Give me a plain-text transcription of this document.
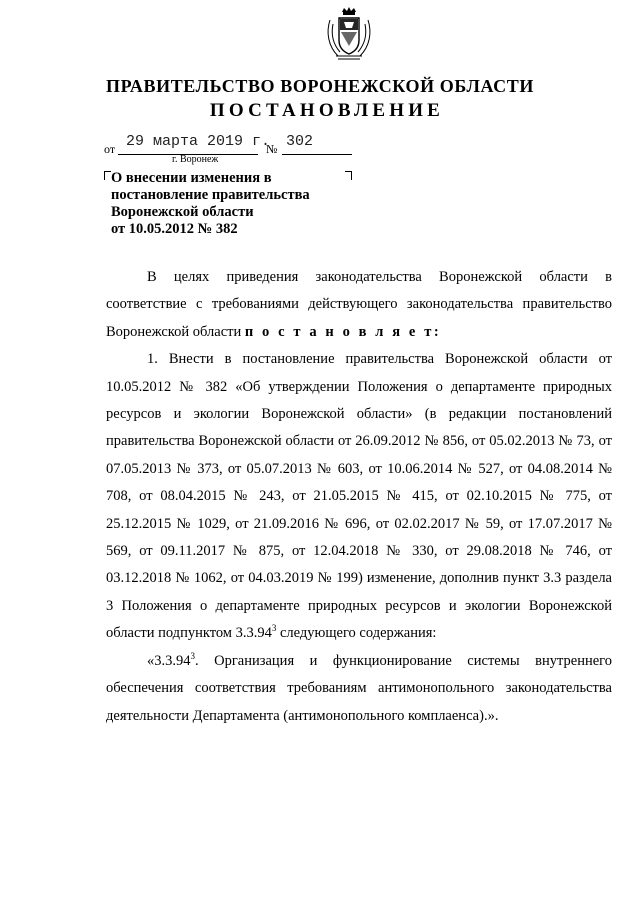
ПРАВИТЕЛЬСТВО ВОРОНЕЖСКОЙ ОБЛАСТИ
ПОСТАНОВЛЕНИЕ
от 29 марта 2019 г.
№ 302
г. Воронеж
О внесении изменения в
постановление правительства
Воронежской области
от 10.05.2012 № 382

В целях приведения законодательства Воронежской области в соответствие с требованиями действующего законодательства правительство Воронежской области п о с т а н о в л я е т:

1. Внести в постановление правительства Воронежской области от 10.05.2012 № 382 «Об утверждении Положения о департаменте природных ресурсов и экологии Воронежской области» (в редакции постановлений правительства Воронежской области от 26.09.2012 № 856, от 05.02.2013 № 73, от 07.05.2013 № 373, от 05.07.2013 № 603, от 10.06.2014 № 527, от 04.08.2014 № 708, от 08.04.2015 № 243, от 21.05.2015 № 415, от 02.10.2015 № 775, от 25.12.2015 № 1029, от 21.09.2016 № 696, от 02.02.2017 № 59, от 17.07.2017 № 569, от 09.11.2017 № 875, от 12.04.2018 № 330, от 29.08.2018 № 746, от 03.12.2018 № 1062, от 04.03.2019 № 199) изменение, дополнив пункт 3.3 раздела 3 Положения о департаменте природных ресурсов и экологии Воронежской области подпунктом 3.3.94$^3$ следующего содержания:

«3.3.94$^3$. Организация и функционирование системы внутреннего обеспечения соответствия требованиям антимонопольного законодательства деятельности Департамента (антимонопольного комплаенса).».
